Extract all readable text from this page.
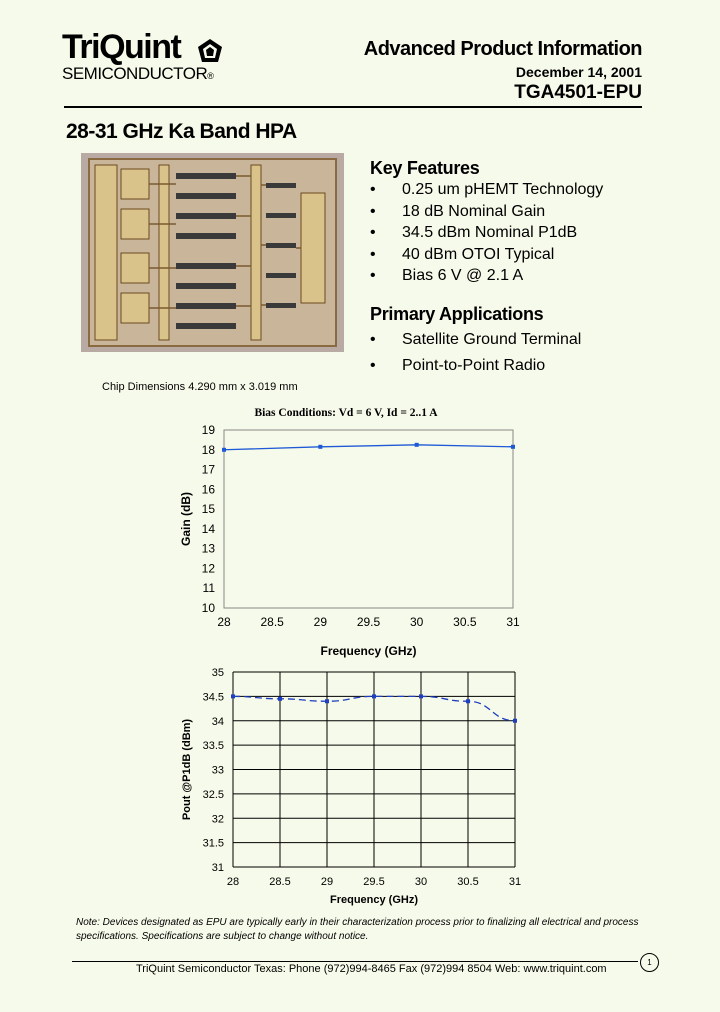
TriQuint
SEMICONDUCTOR®
Advanced Product Information
December 14, 2001
TGA4501-EPU
28-31 GHz Ka Band HPA
Key Features
• 0.25 um pHEMT Technology
• 18 dB Nominal Gain
• 34.5 dBm Nominal P1dB
• 40 dBm OTOI Typical
• Bias 6 V @ 2.1 A
Primary Applications
• Satellite Ground Terminal
• Point-to-Point Radio
Chip Dimensions 4.290 mm x 3.019 mm
Bias Conditions: Vd = 6 V, Id = 2..1 A
10
11
12
13
14
15
16
17
18
19
28 28.5 29 29.5 30 30.5 31
Frequency (GHz)
Gain (dB)
31
31.5
32
32.5
33
33.5
34
34.5
35
28	28.5	29	29.5	30	30.5	31
Frequency (GHz)
Pout @P1dB (dBm)
Note: Devices designated as EPU are typically early in their characterization process prior to finalizing all electrical and process specifications. Specifications are subject to change without notice.
TriQuint Semiconductor Texas: Phone (972)994-8465 Fax (972)994 8504 Web: www.triquint.com
1
